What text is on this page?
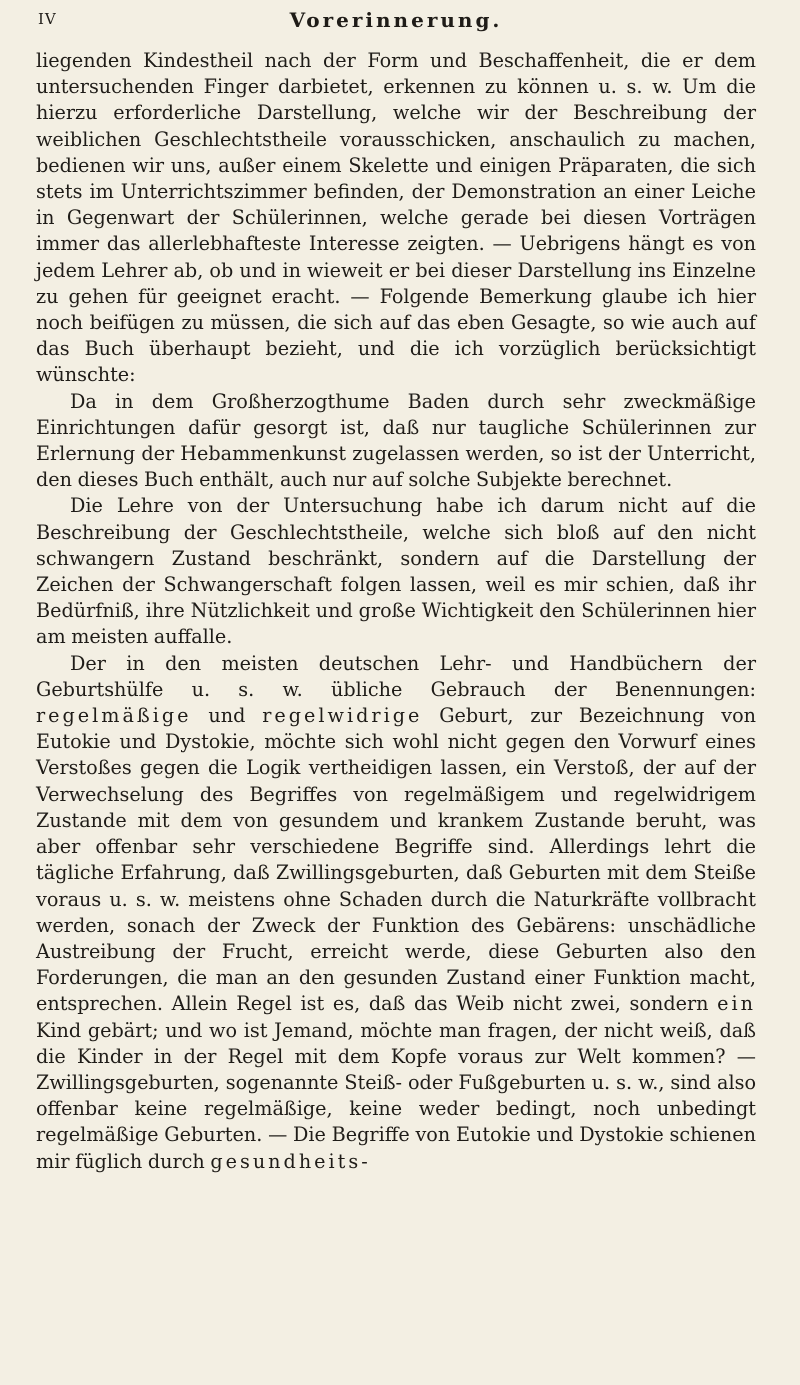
IV	Vorerinnerung.

liegenden Kindestheil nach der Form und Beschaffenheit, die er dem untersuchenden Finger darbietet, erkennen zu können u. s. w. Um die hierzu erforderliche Darstellung, welche wir der Beschreibung der weiblichen Geschlechtstheile vorausschicken, anschaulich zu machen, bedienen wir uns, außer einem Skelette und einigen Präparaten, die sich stets im Unterrichtszimmer befinden, der Demonstration an einer Leiche in Gegenwart der Schülerinnen, welche gerade bei diesen Vorträgen immer das allerlebhafteste Interesse zeigten. — Uebrigens hängt es von jedem Lehrer ab, ob und in wieweit er bei dieser Darstellung ins Einzelne zu gehen für geeignet eracht. — Folgende Bemerkung glaube ich hier noch beifügen zu müssen, die sich auf das eben Gesagte, so wie auch auf das Buch überhaupt bezieht, und die ich vorzüglich berücksichtigt wünschte:

Da in dem Großherzogthume Baden durch sehr zweckmäßige Einrichtungen dafür gesorgt ist, daß nur taugliche Schülerinnen zur Erlernung der Hebammenkunst zugelassen werden, so ist der Unterricht, den dieses Buch enthält, auch nur auf solche Subjekte berechnet.

Die Lehre von der Untersuchung habe ich darum nicht auf die Beschreibung der Geschlechtstheile, welche sich bloß auf den nicht schwangern Zustand beschränkt, sondern auf die Darstellung der Zeichen der Schwangerschaft folgen lassen, weil es mir schien, daß ihr Bedürfniß, ihre Nützlichkeit und große Wichtigkeit den Schülerinnen hier am meisten auffalle.

Der in den meisten deutschen Lehr- und Handbüchern der Geburtshülfe u. s. w. übliche Gebrauch der Benennungen: regelmäßige und regelwidrige Geburt, zur Bezeichnung von Eutokie und Dystokie, möchte sich wohl nicht gegen den Vorwurf eines Verstoßes gegen die Logik vertheidigen lassen, ein Verstoß, der auf der Verwechselung des Begriffes von regelmäßigem und regelwidrigem Zustande mit dem von gesundem und krankem Zustande beruht, was aber offenbar sehr verschiedene Begriffe sind. Allerdings lehrt die tägliche Erfahrung, daß Zwillingsgeburten, daß Geburten mit dem Steiße voraus u. s. w. meistens ohne Schaden durch die Naturkräfte vollbracht werden, sonach der Zweck der Funktion des Gebärens: unschädliche Austreibung der Frucht, erreicht werde, diese Geburten also den Forderungen, die man an den gesunden Zustand einer Funktion macht, entsprechen. Allein Regel ist es, daß das Weib nicht zwei, sondern ein Kind gebärt; und wo ist Jemand, möchte man fragen, der nicht weiß, daß die Kinder in der Regel mit dem Kopfe voraus zur Welt kommen? — Zwillingsgeburten, sogenannte Steiß- oder Fußgeburten u. s. w., sind also offenbar keine regelmäßige, keine weder bedingt, noch unbedingt regelmäßige Geburten. — Die Begriffe von Eutokie und Dystokie schienen mir füglich durch gesundheits-
